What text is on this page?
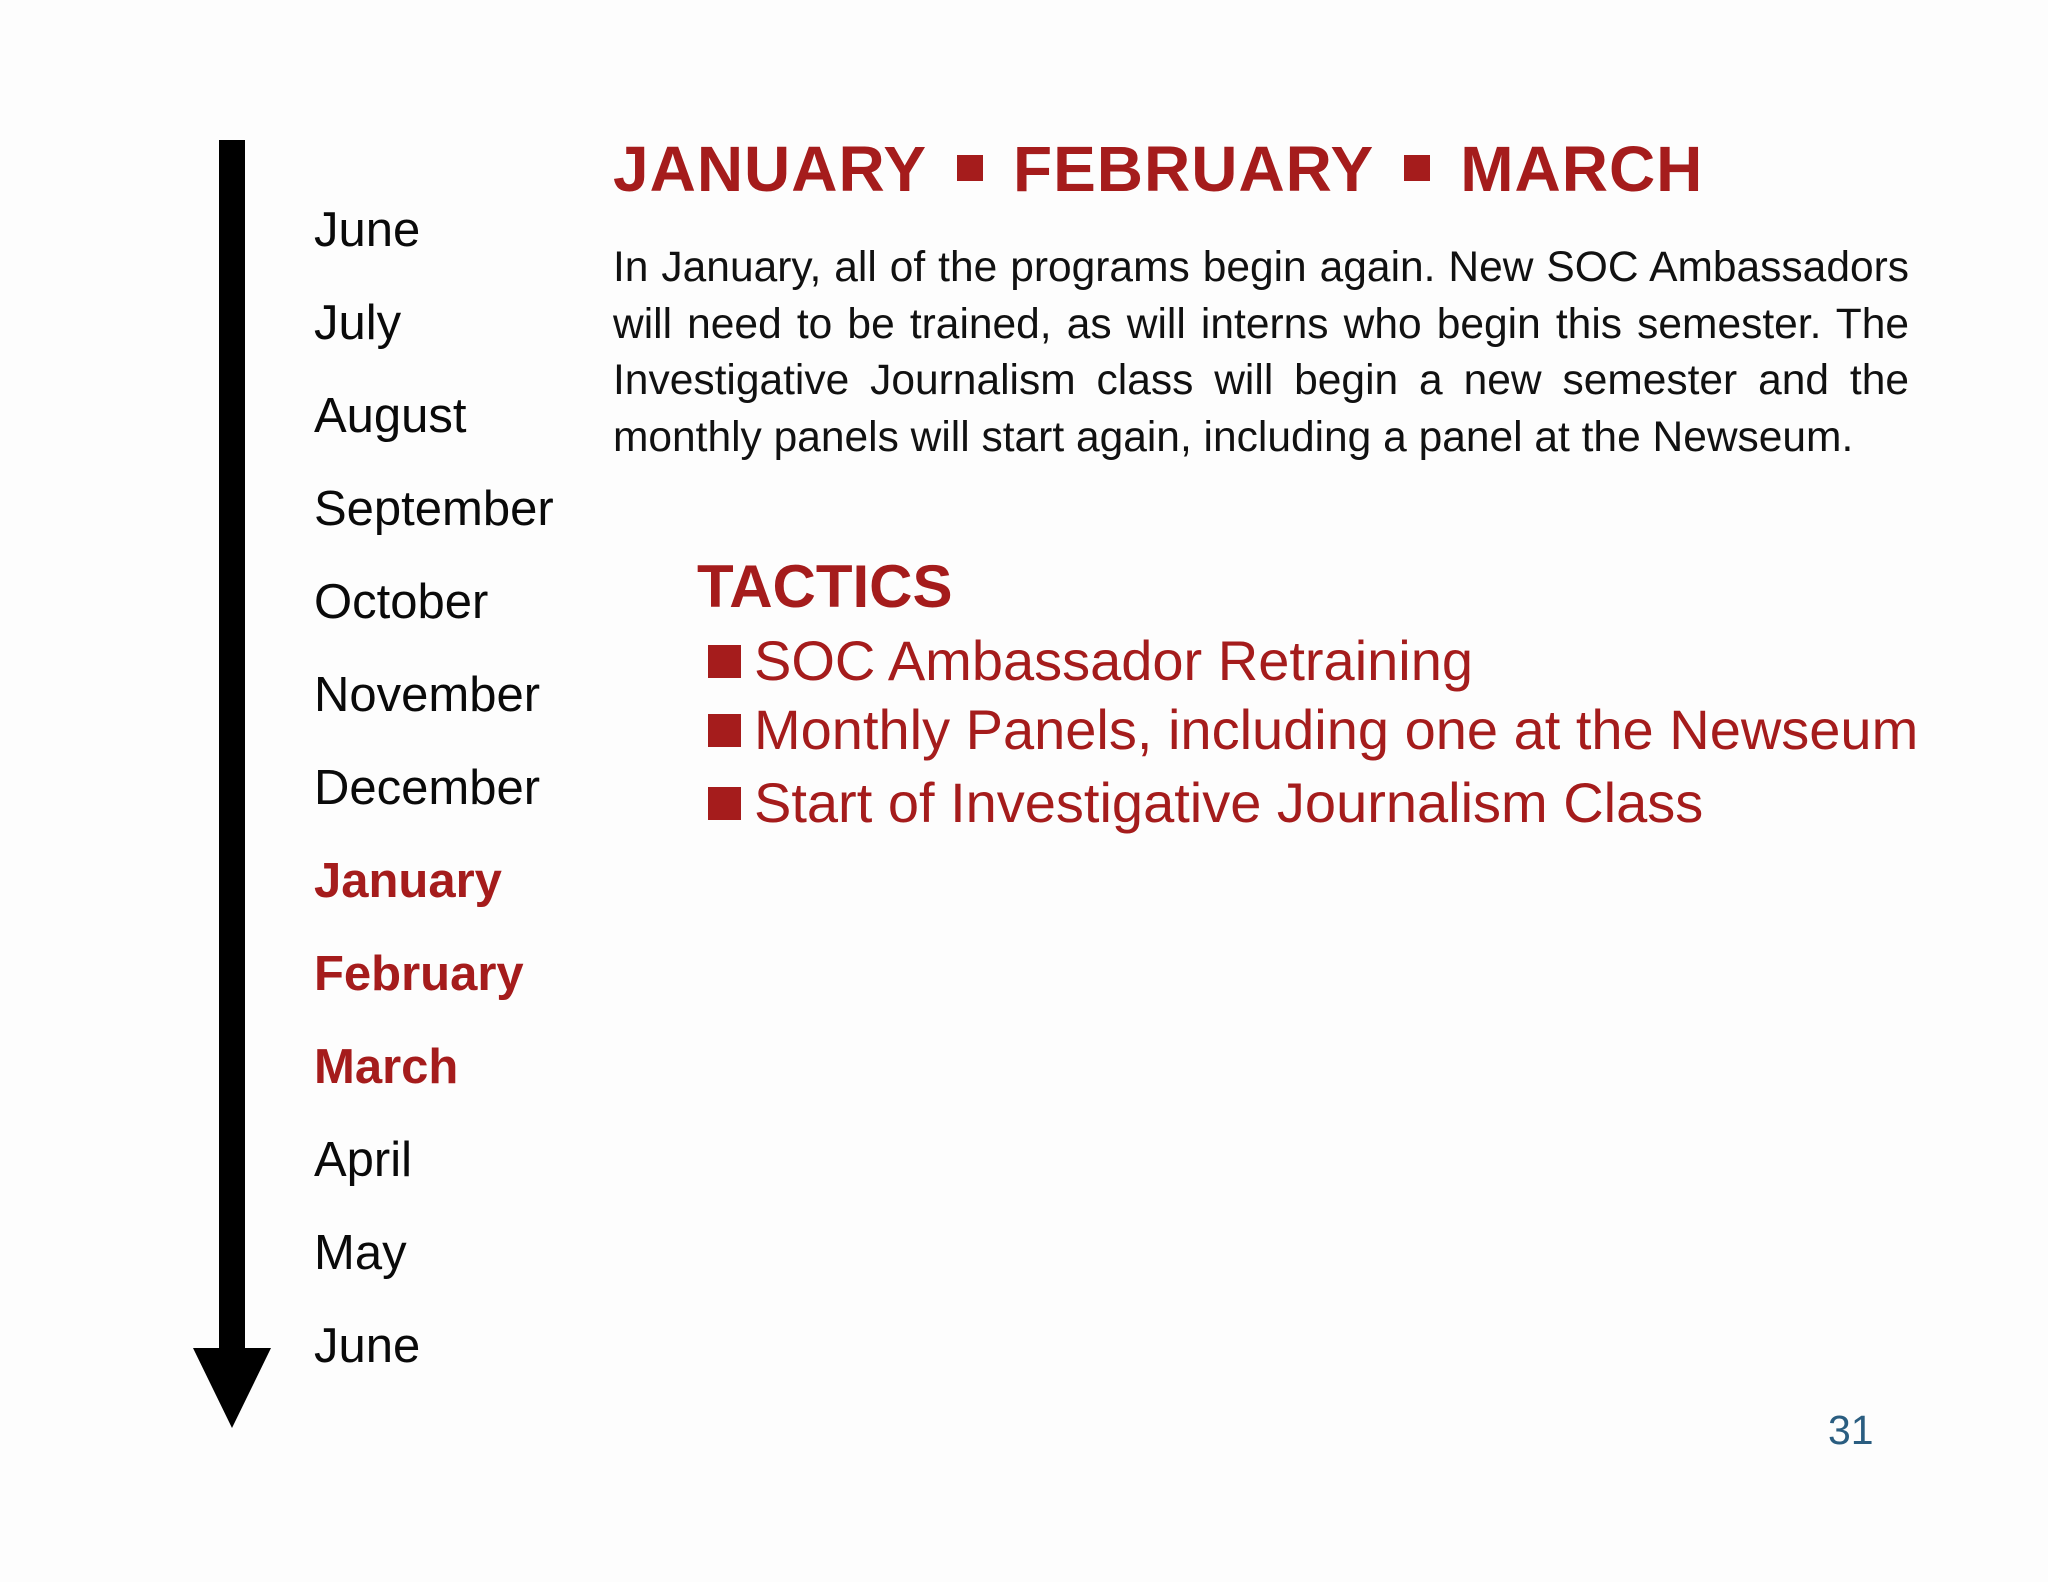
June
July
August
September
October
November
December
January
February
March
April
May
June
JANUARY FEBRUARY MARCH

In January, all of the programs begin again. New SOC Ambassadors will need to be trained, as will interns who begin this semester. The Investigative Journalism class will begin a new semester and the monthly panels will start again, including a panel at the Newseum.

TACTICS
SOC Ambassador Retraining
Monthly Panels, including one at the Newseum
Start of Investigative Journalism Class
31
